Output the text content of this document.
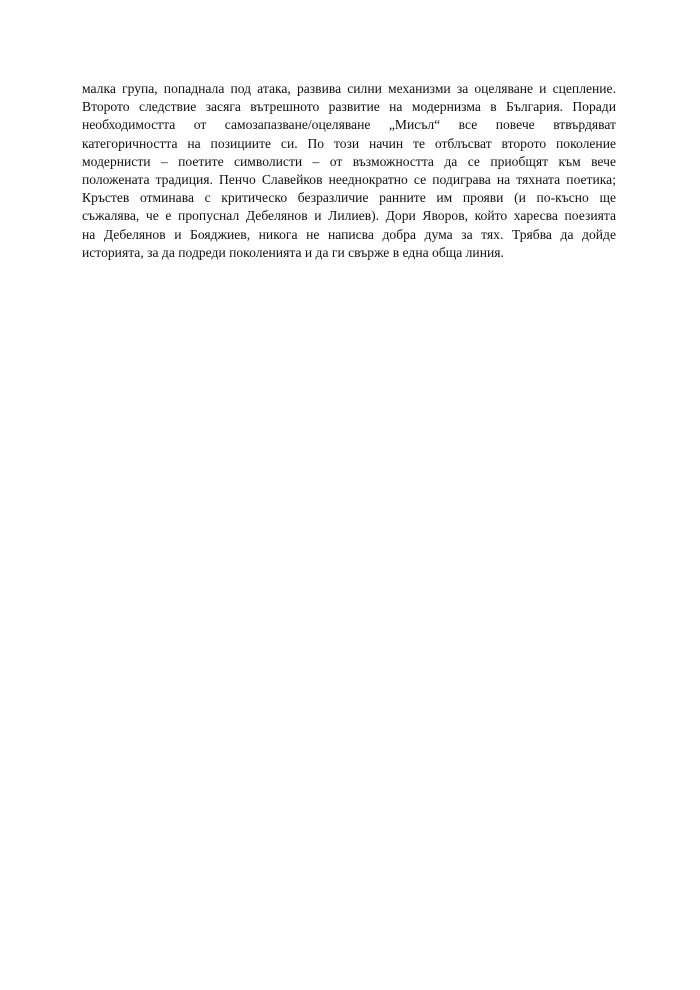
малка група, попаднала под атака, развива силни механизми за оцеляване и сцепление.
Второто следствие засяга вътрешното развитие на модернизма в България. Поради
необходимостта от самозапазване/оцеляване „Мисъл“ все повече втвърдяват
категоричността на позициите си. По този начин те отблъсват второто поколение
модернисти – поетите символисти – от възможността да се приобщят към вече
положената традиция. Пенчо Славейков нееднократно се подиграва на тяхната поетика;
Кръстев отминава с критическо безразличие ранните им прояви (и по-късно ще
съжалява, че е пропуснал Дебелянов и Лилиев). Дори Яворов, който харесва поезията
на Дебелянов и Бояджиев, никога не написва добра дума за тях. Трябва да дойде
историята, за да подреди поколенията и да ги свърже в една обща линия.
